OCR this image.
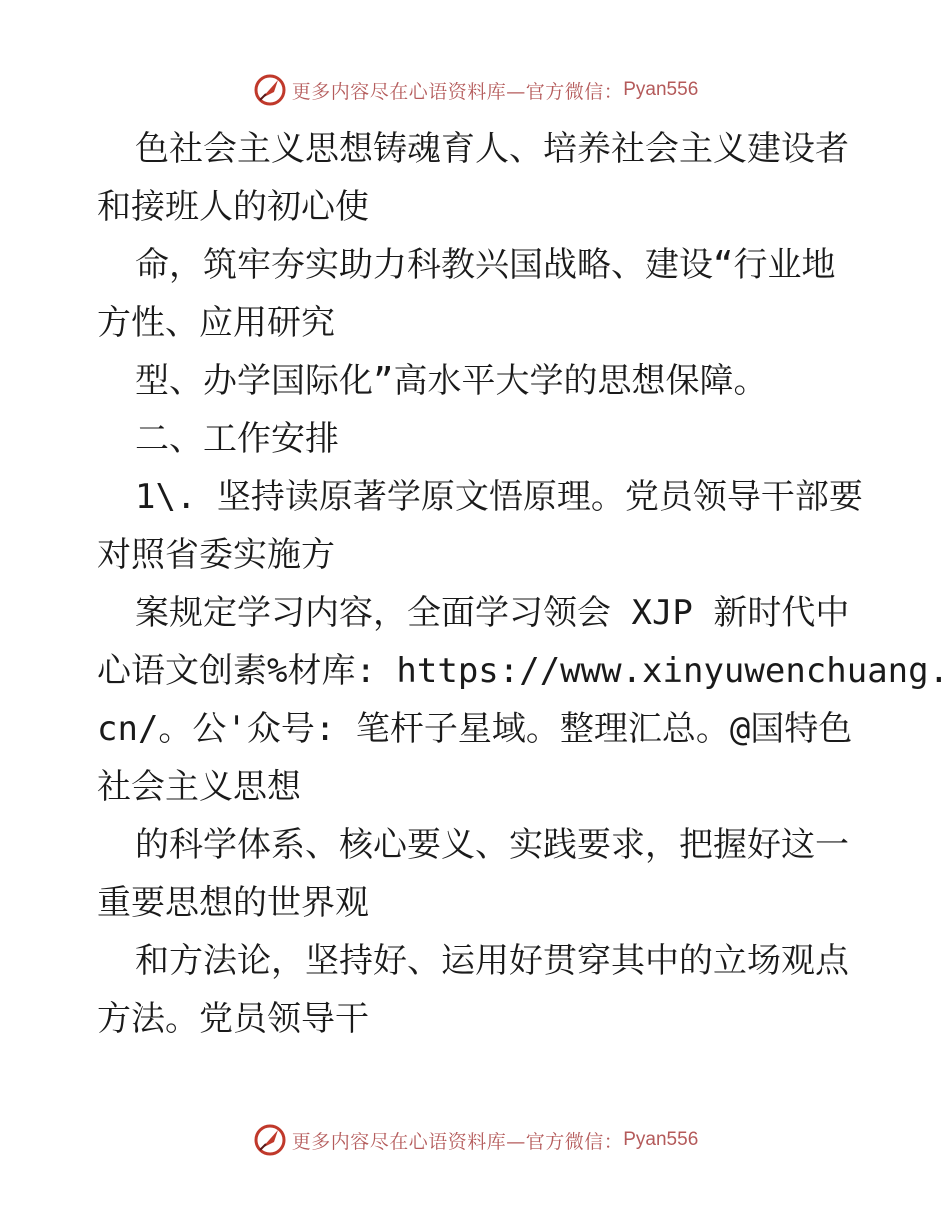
更多内容尽在心语资料库—官方微信： Pyan556
色社会主义思想铸魂育人、培养社会主义建设者
和接班人的初心使
命，筑牢夯实助力科教兴国战略、建设“行业地
方性、应用研究
型、办学国际化”高水平大学的思想保障。
二、工作安排
1\. 坚持读原著学原文悟原理。党员领导干部要
对照省委实施方
案规定学习内容，全面学习领会 XJP 新时代中
心语文创素%材库: https://www.xinyuwenchuang.
cn/。公'众号: 笔杆子星域。整理汇总。@国特色
社会主义思想
的科学体系、核心要义、实践要求，把握好这一
重要思想的世界观
和方法论，坚持好、运用好贯穿其中的立场观点
方法。党员领导干
更多内容尽在心语资料库—官方微信： Pyan556
